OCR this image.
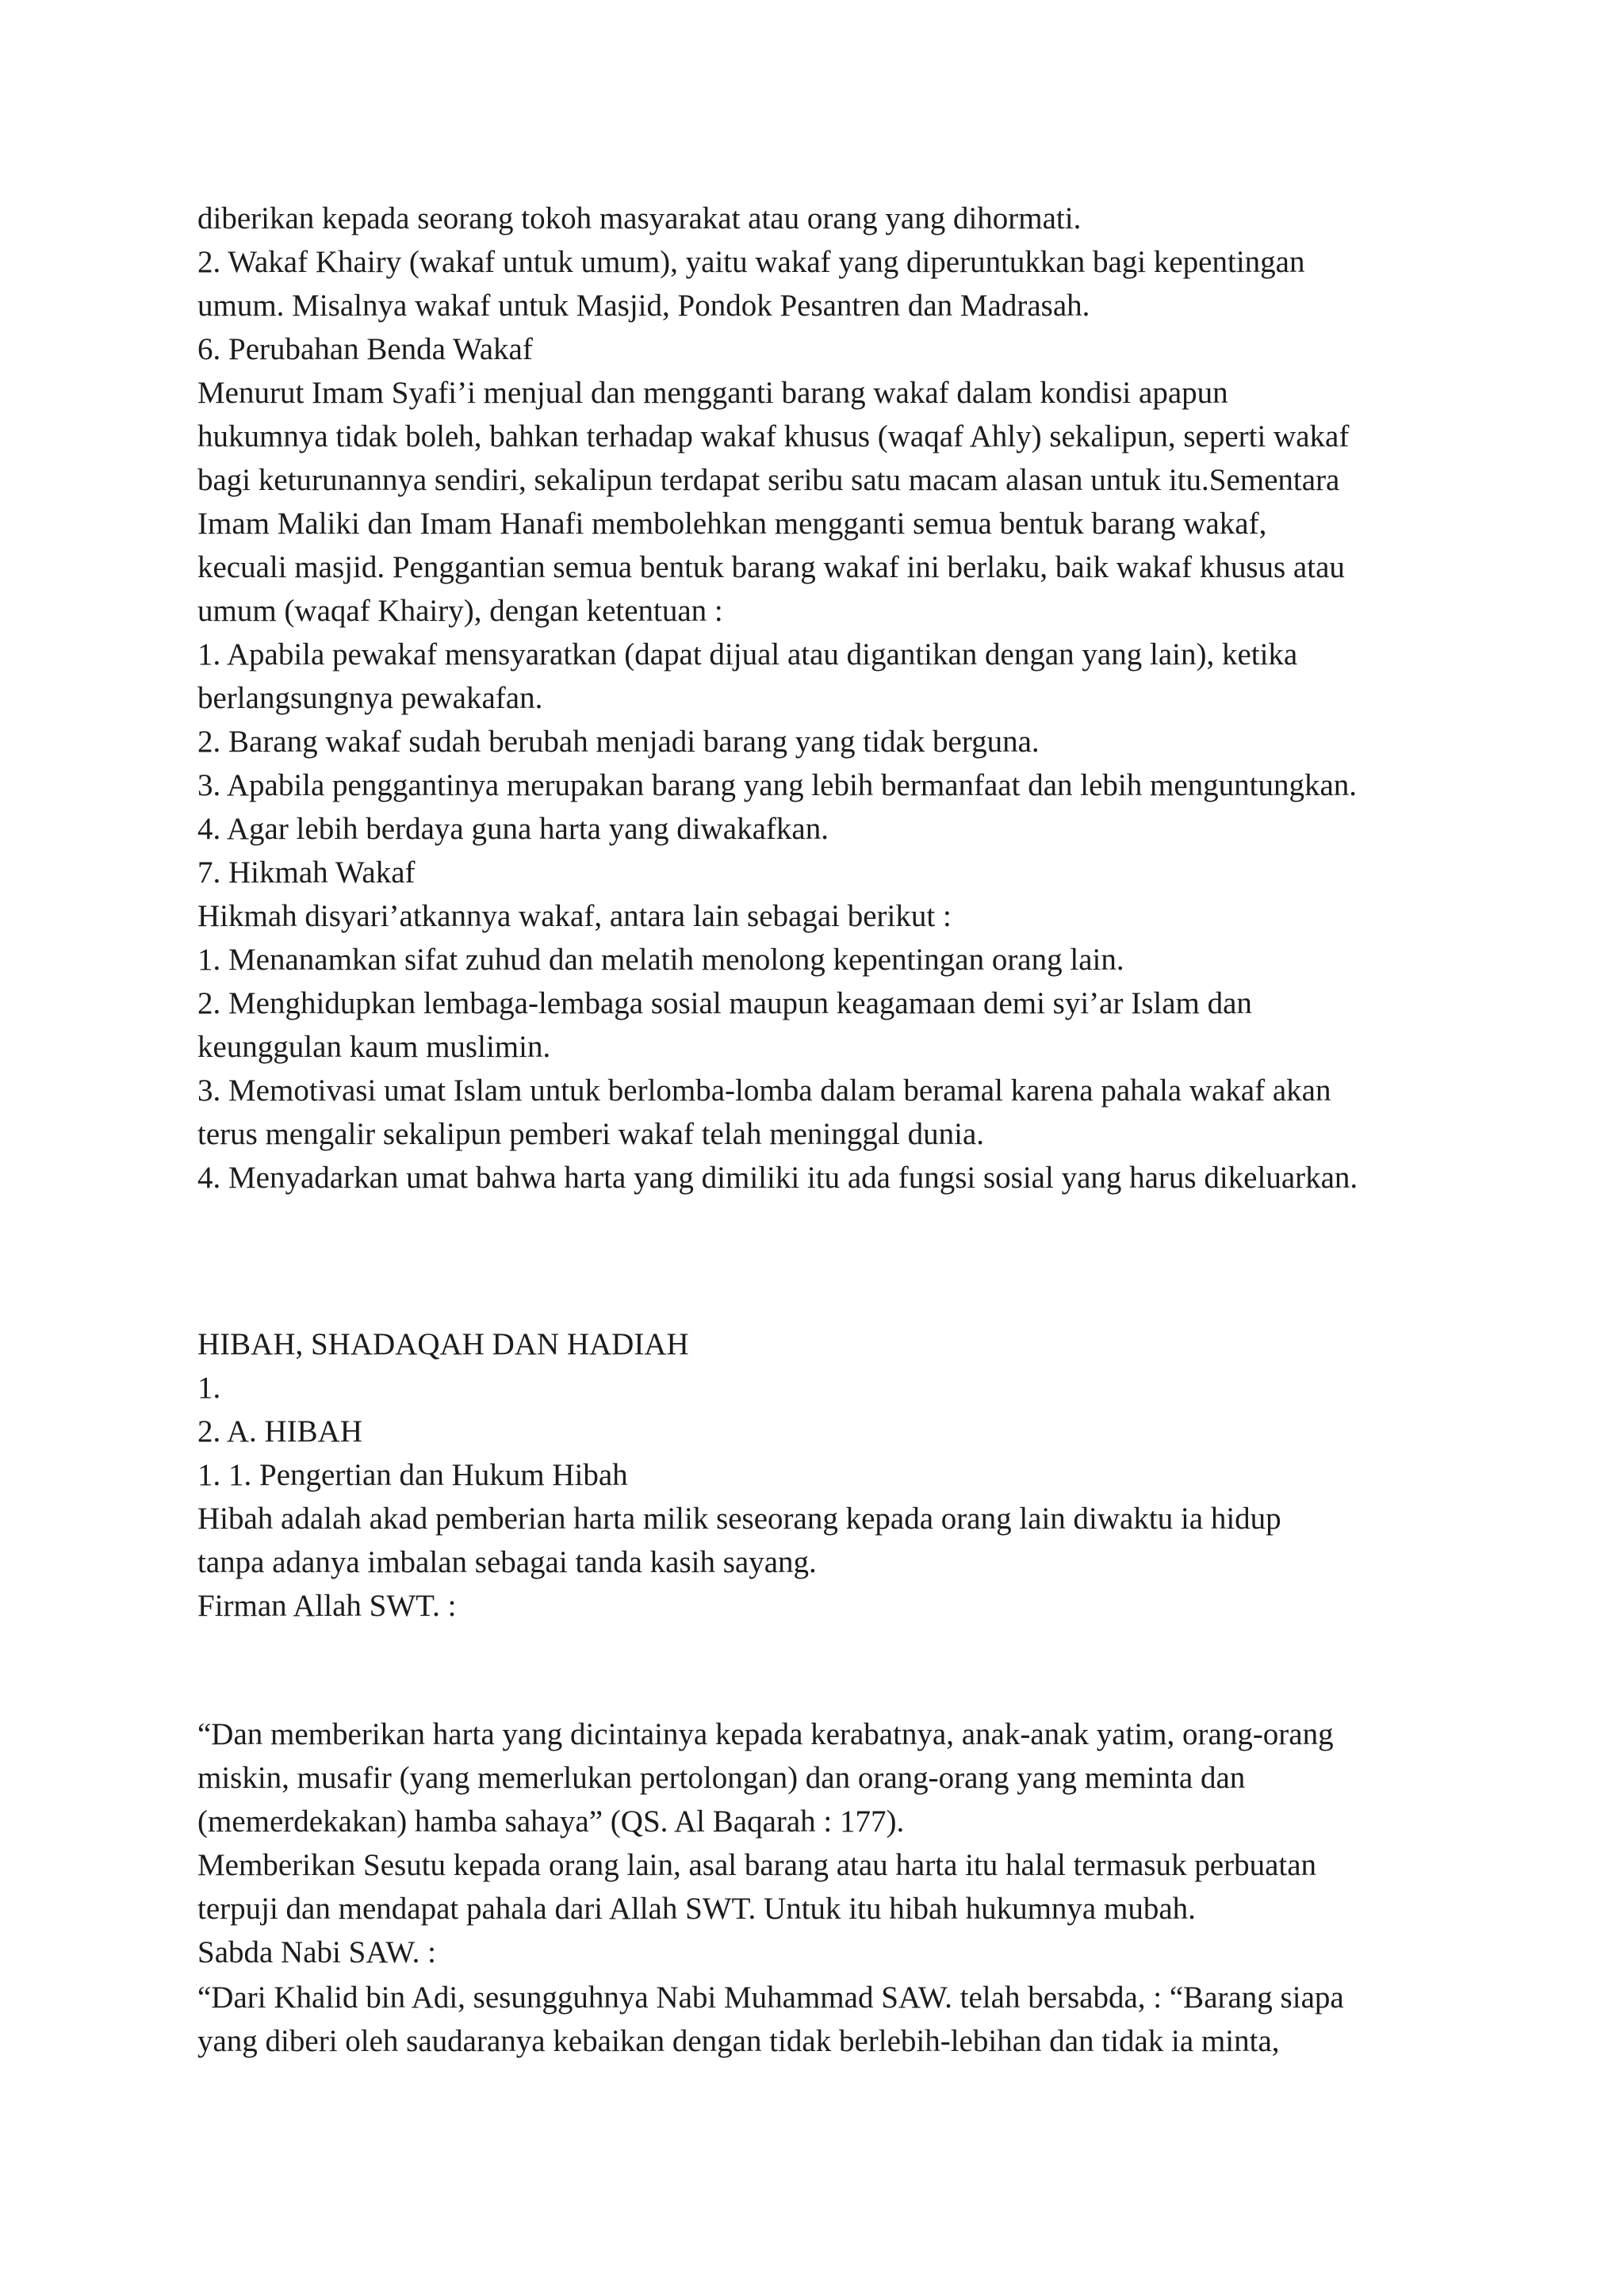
diberikan kepada seorang tokoh masyarakat atau orang yang dihormati.
2. Wakaf Khairy (wakaf untuk umum), yaitu wakaf yang diperuntukkan bagi kepentingan
umum. Misalnya wakaf untuk Masjid, Pondok Pesantren dan Madrasah.
6. Perubahan Benda Wakaf
Menurut Imam Syafi’i menjual dan mengganti barang wakaf dalam kondisi apapun
hukumnya tidak boleh, bahkan terhadap wakaf khusus (waqaf Ahly) sekalipun, seperti wakaf
bagi keturunannya sendiri, sekalipun terdapat seribu satu macam alasan untuk itu.Sementara
Imam Maliki dan Imam Hanafi membolehkan mengganti semua bentuk barang wakaf,
kecuali masjid. Penggantian semua bentuk barang wakaf ini berlaku, baik wakaf khusus atau
umum (waqaf Khairy), dengan ketentuan :
1. Apabila pewakaf mensyaratkan (dapat dijual atau digantikan dengan yang lain), ketika
berlangsungnya pewakafan.
2. Barang wakaf sudah berubah menjadi barang yang tidak berguna.
3. Apabila penggantinya merupakan barang yang lebih bermanfaat dan lebih menguntungkan.
4. Agar lebih berdaya guna harta yang diwakafkan.
7. Hikmah Wakaf
Hikmah disyari’atkannya wakaf, antara lain sebagai berikut :
1. Menanamkan sifat zuhud dan melatih menolong kepentingan orang lain.
2. Menghidupkan lembaga-lembaga sosial maupun keagamaan demi syi’ar Islam dan
keunggulan kaum muslimin.
3. Memotivasi umat Islam untuk berlomba-lomba dalam beramal karena pahala wakaf akan
terus mengalir sekalipun pemberi wakaf telah meninggal dunia.
4. Menyadarkan umat bahwa harta yang dimiliki itu ada fungsi sosial yang harus dikeluarkan.
HIBAH, SHADAQAH DAN HADIAH
1.
2. A. HIBAH
1. 1. Pengertian dan Hukum Hibah
Hibah adalah akad pemberian harta milik seseorang kepada orang lain diwaktu ia hidup
tanpa adanya imbalan sebagai tanda kasih sayang.
Firman Allah SWT. :
“Dan memberikan harta yang dicintainya kepada kerabatnya, anak-anak yatim, orang-orang
miskin, musafir (yang memerlukan pertolongan) dan orang-orang yang meminta dan
(memerdekakan) hamba sahaya” (QS. Al Baqarah : 177).
Memberikan Sesutu kepada orang lain, asal barang atau harta itu halal termasuk perbuatan
terpuji dan mendapat pahala dari Allah SWT. Untuk itu hibah hukumnya mubah.
Sabda Nabi SAW. :
“Dari Khalid bin Adi, sesungguhnya Nabi Muhammad SAW. telah bersabda, : “Barang siapa
yang diberi oleh saudaranya kebaikan dengan tidak berlebih-lebihan dan tidak ia minta,
